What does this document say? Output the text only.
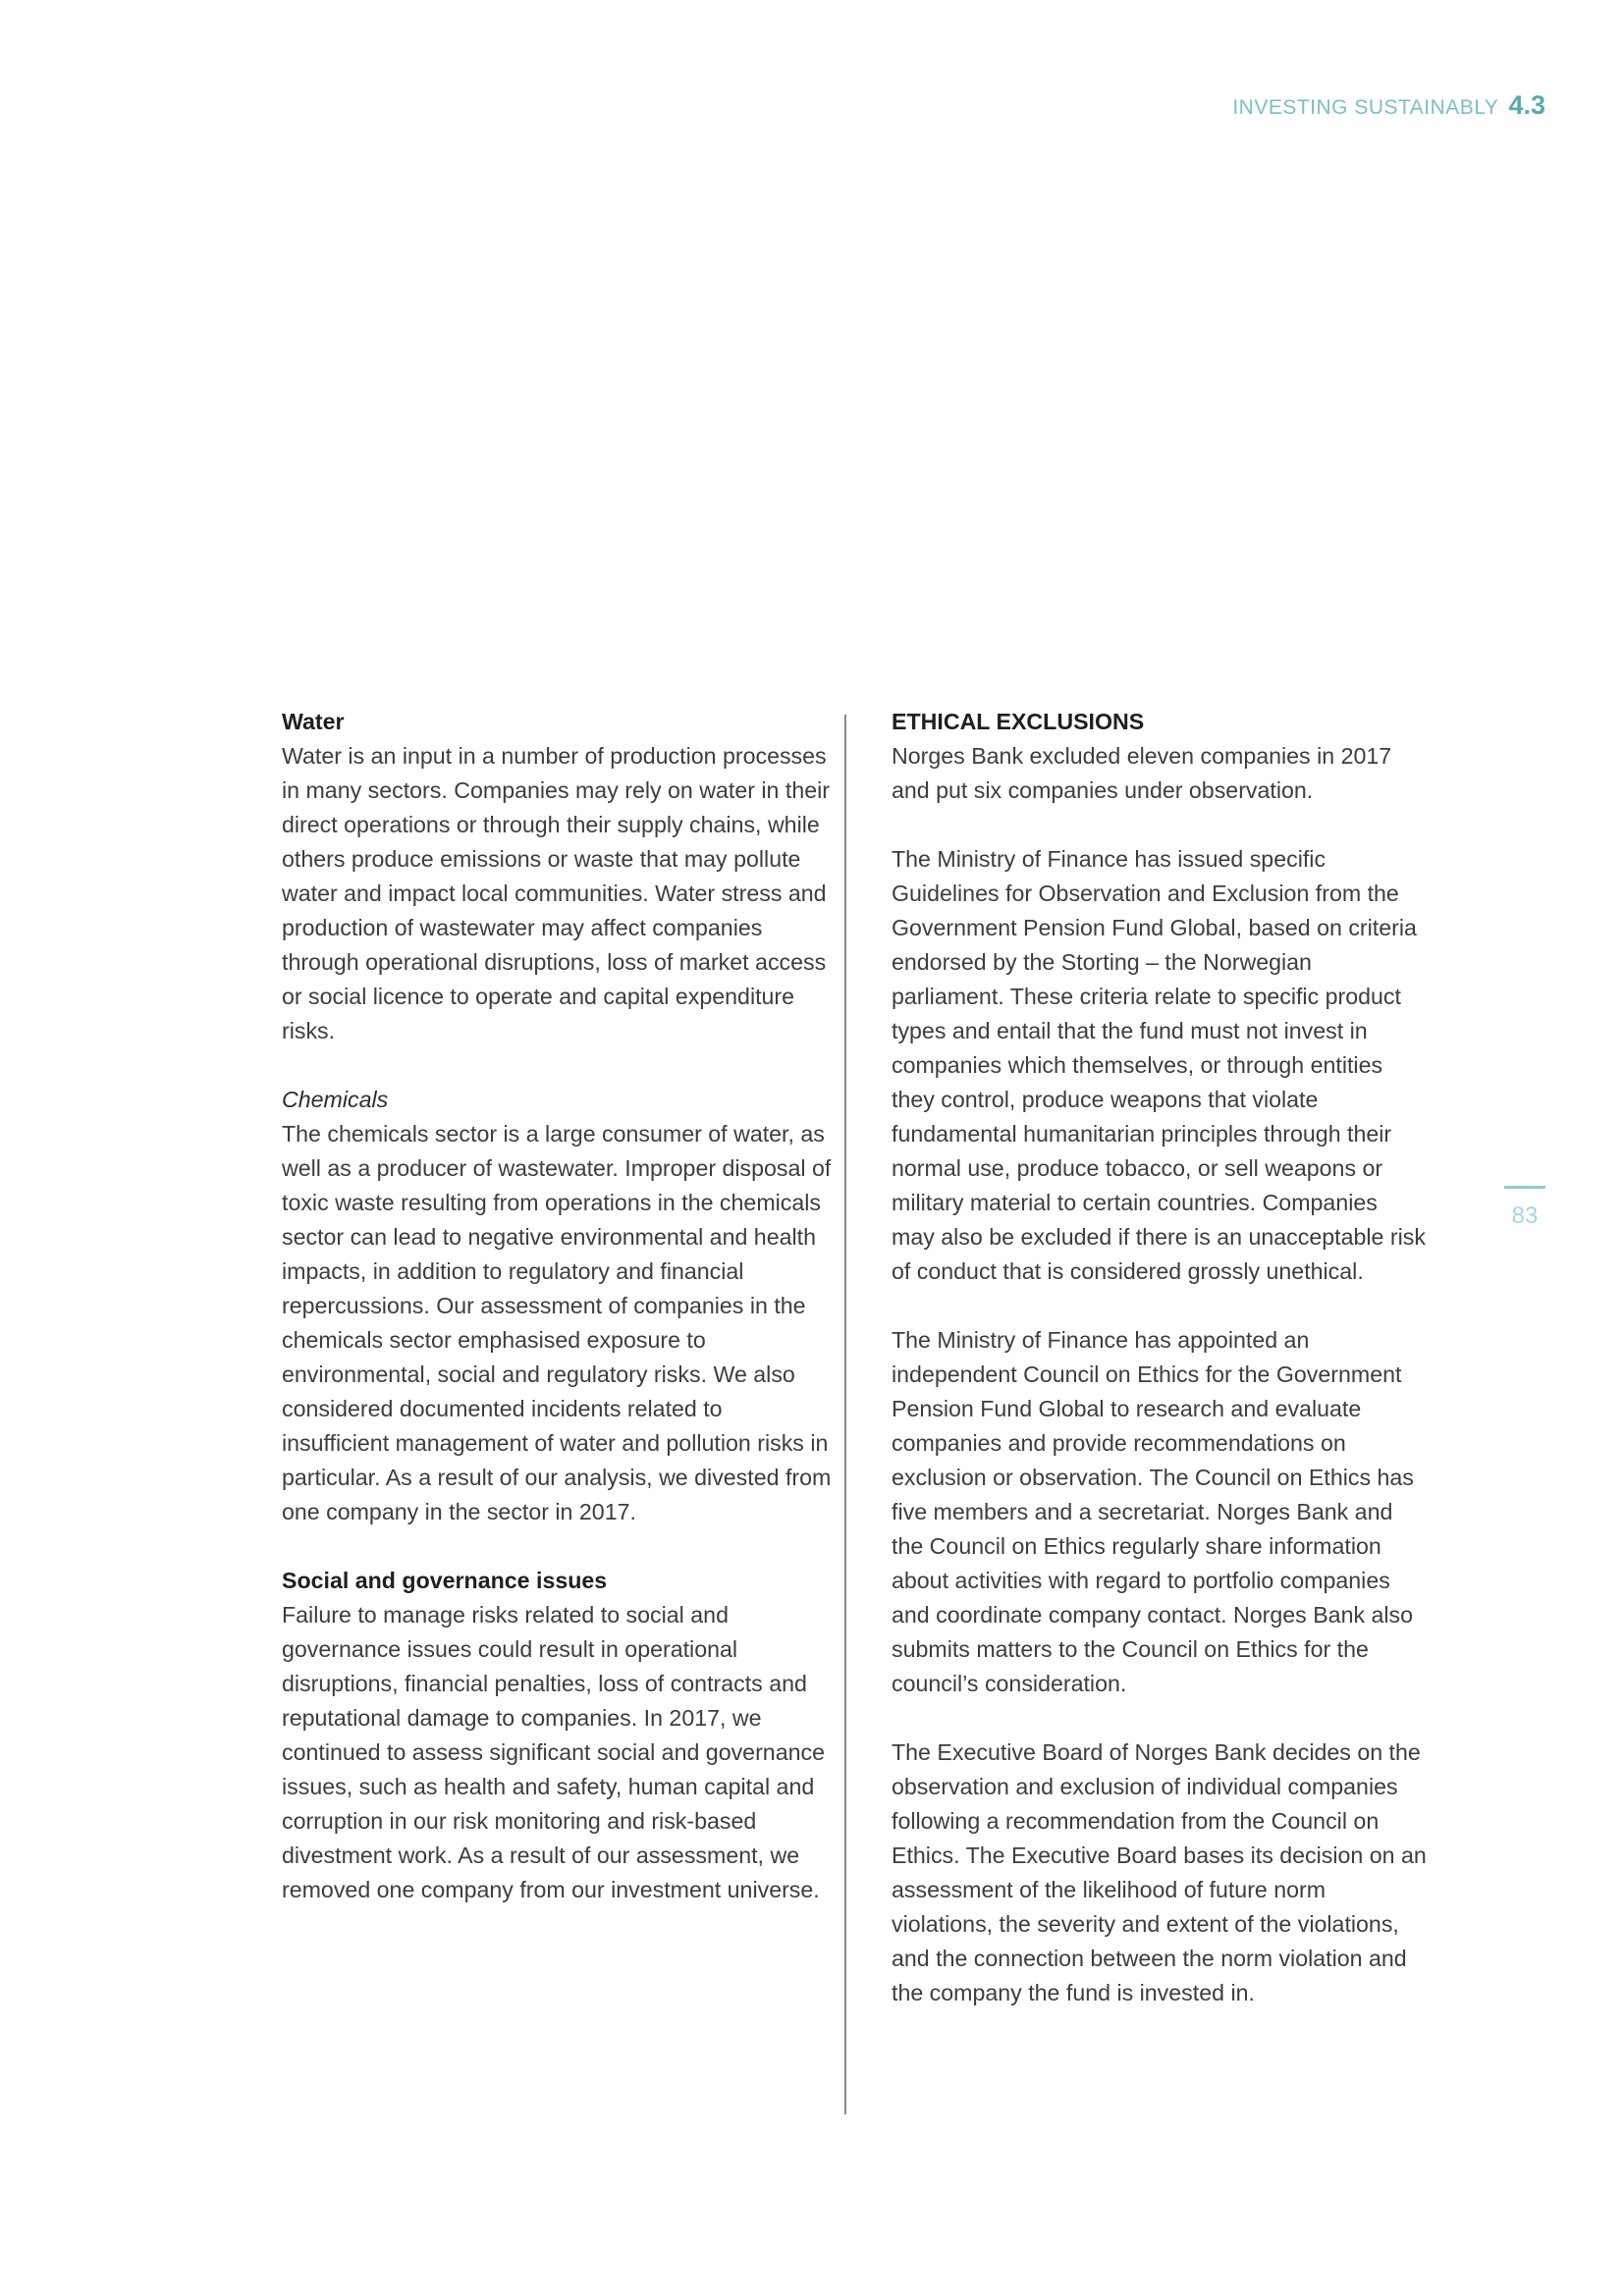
INVESTING SUSTAINABLY 4.3
83
Water

Water is an input in a number of production processes in many sectors. Companies may rely on water in their direct operations or through their supply chains, while others produce emissions or waste that may pollute water and impact local communities. Water stress and production of wastewater may affect companies through operational disruptions, loss of market access or social licence to operate and capital expenditure risks.

Chemicals

The chemicals sector is a large consumer of water, as well as a producer of wastewater. Improper disposal of toxic waste resulting from operations in the chemicals sector can lead to negative environmental and health impacts, in addition to regulatory and financial repercussions. Our assessment of companies in the chemicals sector emphasised exposure to environmental, social and regulatory risks. We also considered documented incidents related to insufficient management of water and pollution risks in particular. As a result of our analysis, we divested from one company in the sector in 2017.

Social and governance issues

Failure to manage risks related to social and governance issues could result in operational disruptions, financial penalties, loss of contracts and reputational damage to companies. In 2017, we continued to assess significant social and governance issues, such as health and safety, human capital and corruption in our risk monitoring and risk-based divestment work. As a result of our assessment, we removed one company from our investment universe.

ETHICAL EXCLUSIONS

Norges Bank excluded eleven companies in 2017 and put six companies under observation.

The Ministry of Finance has issued specific Guidelines for Observation and Exclusion from the Government Pension Fund Global, based on criteria endorsed by the Storting – the Norwegian parliament. These criteria relate to specific product types and entail that the fund must not invest in companies which themselves, or through entities they control, produce weapons that violate fundamental humanitarian principles through their normal use, produce tobacco, or sell weapons or military material to certain countries. Companies may also be excluded if there is an unacceptable risk of conduct that is considered grossly unethical.

The Ministry of Finance has appointed an independent Council on Ethics for the Government Pension Fund Global to research and evaluate companies and provide recommendations on exclusion or observation. The Council on Ethics has five members and a secretariat. Norges Bank and the Council on Ethics regularly share information about activities with regard to portfolio companies and coordinate company contact. Norges Bank also submits matters to the Council on Ethics for the council’s consideration.

The Executive Board of Norges Bank decides on the observation and exclusion of individual companies following a recommendation from the Council on Ethics. The Executive Board bases its decision on an assessment of the likelihood of future norm violations, the severity and extent of the violations, and the connection between the norm violation and the company the fund is invested in.
